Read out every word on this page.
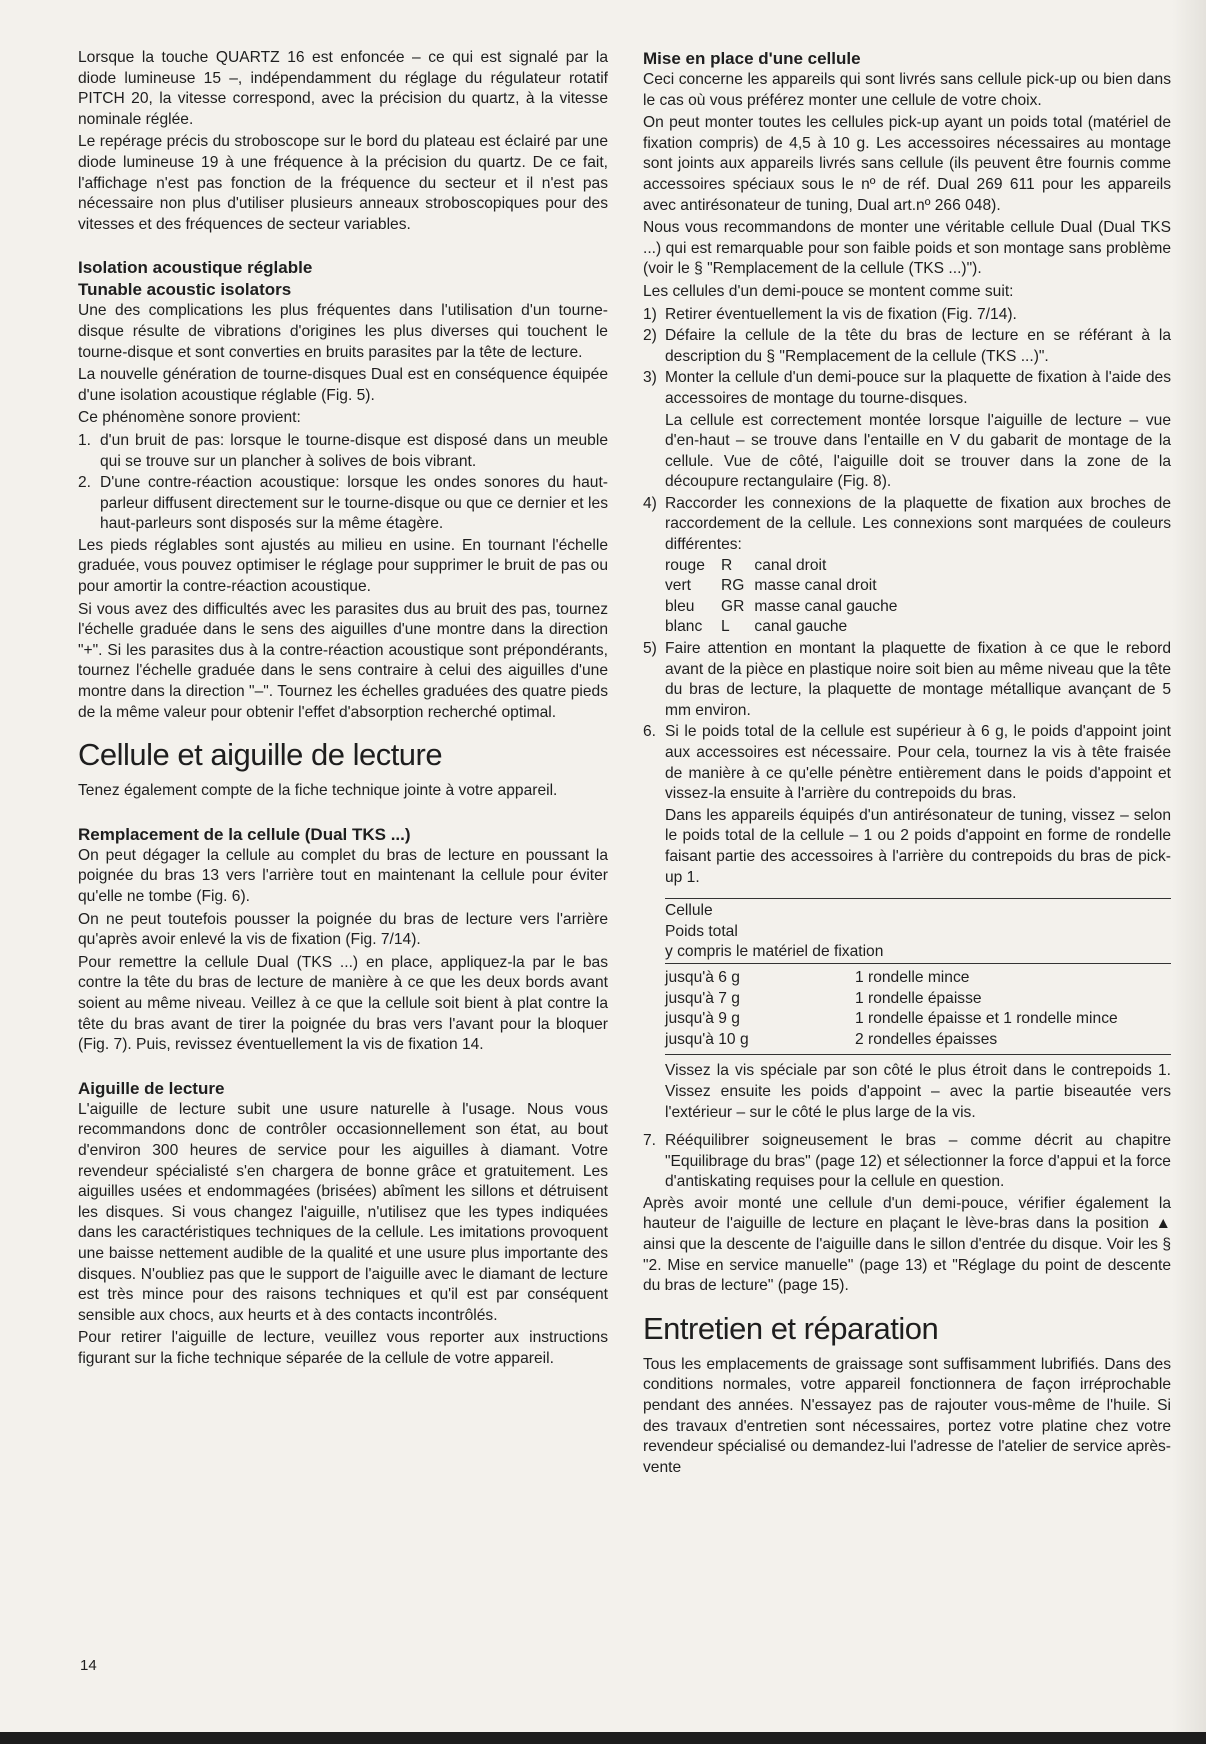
Lorsque la touche QUARTZ 16 est enfoncée – ce qui est signalé par la diode lumineuse 15 –, indépendamment du réglage du régulateur rotatif PITCH 20, la vitesse correspond, avec la précision du quartz, à la vitesse nominale réglée.

Le repérage précis du stroboscope sur le bord du plateau est éclairé par une diode lumineuse 19 à une fréquence à la précision du quartz. De ce fait, l'affichage n'est pas fonction de la fréquence du secteur et il n'est pas nécessaire non plus d'utiliser plusieurs anneaux stroboscopiques pour des vitesses et des fréquences de secteur variables.

Isolation acoustique réglable
Tunable acoustic isolators

Une des complications les plus fréquentes dans l'utilisation d'un tourne-disque résulte de vibrations d'origines les plus diverses qui touchent le tourne-disque et sont converties en bruits parasites par la tête de lecture.

La nouvelle génération de tourne-disques Dual est en conséquence équipée d'une isolation acoustique réglable (Fig. 5).

Ce phénomène sonore provient:

1. d'un bruit de pas: lorsque le tourne-disque est disposé dans un meuble qui se trouve sur un plancher à solives de bois vibrant.

2. D'une contre-réaction acoustique: lorsque les ondes sonores du haut-parleur diffusent directement sur le tourne-disque ou que ce dernier et les haut-parleurs sont disposés sur la même étagère.

Les pieds réglables sont ajustés au milieu en usine. En tournant l'échelle graduée, vous pouvez optimiser le réglage pour supprimer le bruit de pas ou pour amortir la contre-réaction acoustique.

Si vous avez des difficultés avec les parasites dus au bruit des pas, tournez l'échelle graduée dans le sens des aiguilles d'une montre dans la direction "+". Si les parasites dus à la contre-réaction acoustique sont prépondérants, tournez l'échelle graduée dans le sens contraire à celui des aiguilles d'une montre dans la direction "–". Tournez les échelles graduées des quatre pieds de la même valeur pour obtenir l'effet d'absorption recherché optimal.

Cellule et aiguille de lecture

Tenez également compte de la fiche technique jointe à votre appareil.

Remplacement de la cellule (Dual TKS ...)

On peut dégager la cellule au complet du bras de lecture en poussant la poignée du bras 13 vers l'arrière tout en maintenant la cellule pour éviter qu'elle ne tombe (Fig. 6).

On ne peut toutefois pousser la poignée du bras de lecture vers l'arrière qu'après avoir enlevé la vis de fixation (Fig. 7/14).

Pour remettre la cellule Dual (TKS ...) en place, appliquez-la par le bas contre la tête du bras de lecture de manière à ce que les deux bords avant soient au même niveau. Veillez à ce que la cellule soit bient à plat contre la tête du bras avant de tirer la poignée du bras vers l'avant pour la bloquer (Fig. 7). Puis, revissez éventuellement la vis de fixation 14.

Aiguille de lecture

L'aiguille de lecture subit une usure naturelle à l'usage. Nous vous recommandons donc de contrôler occasionnellement son état, au bout d'environ 300 heures de service pour les aiguilles à diamant. Votre revendeur spécialisté s'en chargera de bonne grâce et gratuitement. Les aiguilles usées et endommagées (brisées) abîment les sillons et détruisent les disques. Si vous changez l'aiguille, n'utilisez que les types indiquées dans les caractéristiques techniques de la cellule. Les imitations provoquent une baisse nettement audible de la qualité et une usure plus importante des disques. N'oubliez pas que le support de l'aiguille avec le diamant de lecture est très mince pour des raisons techniques et qu'il est par conséquent sensible aux chocs, aux heurts et à des contacts incontrôlés.

Pour retirer l'aiguille de lecture, veuillez vous reporter aux instructions figurant sur la fiche technique séparée de la cellule de votre appareil.

Mise en place d'une cellule

Ceci concerne les appareils qui sont livrés sans cellule pick-up ou bien dans le cas où vous préférez monter une cellule de votre choix.

On peut monter toutes les cellules pick-up ayant un poids total (matériel de fixation compris) de 4,5 à 10 g. Les accessoires nécessaires au montage sont joints aux appareils livrés sans cellule (ils peuvent être fournis comme accessoires spéciaux sous le nº de réf. Dual 269 611 pour les appareils avec antirésonateur de tuning, Dual art.nº 266 048).

Nous vous recommandons de monter une véritable cellule Dual (Dual TKS ...) qui est remarquable pour son faible poids et son montage sans problème (voir le § "Remplacement de la cellule (TKS ...)").

Les cellules d'un demi-pouce se montent comme suit:

1) Retirer éventuellement la vis de fixation (Fig. 7/14).

2) Défaire la cellule de la tête du bras de lecture en se référant à la description du § "Remplacement de la cellule (TKS ...)".

3) Monter la cellule d'un demi-pouce sur la plaquette de fixation à l'aide des accessoires de montage du tourne-disques.

La cellule est correctement montée lorsque l'aiguille de lecture – vue d'en-haut – se trouve dans l'entaille en V du gabarit de montage de la cellule. Vue de côté, l'aiguille doit se trouver dans la zone de la découpure rectangulaire (Fig. 8).

4) Raccorder les connexions de la plaquette de fixation aux broches de raccordement de la cellule. Les connexions sont marquées de couleurs différentes:

rouge	R	canal droit
vert	RG	masse canal droit
bleu	GR	masse canal gauche
blanc	L	canal gauche
5) Faire attention en montant la plaquette de fixation à ce que le rebord avant de la pièce en plastique noire soit bien au même niveau que la tête du bras de lecture, la plaquette de montage métallique avançant de 5 mm environ.

6. Si le poids total de la cellule est supérieur à 6 g, le poids d'appoint joint aux accessoires est nécessaire. Pour cela, tournez la vis à tête fraisée de manière à ce qu'elle pénètre entièrement dans le poids d'appoint et vissez-la ensuite à l'arrière du contrepoids du bras.

Dans les appareils équipés d'un antirésonateur de tuning, vissez – selon le poids total de la cellule – 1 ou 2 poids d'appoint en forme de rondelle faisant partie des accessoires à l'arrière du contrepoids du bras de pick-up 1.

Cellule
Poids total
y compris le matériel de fixation
jusqu'à 6 g	1 rondelle mince
jusqu'à 7 g	1 rondelle épaisse
jusqu'à 9 g	1 rondelle épaisse et 1 rondelle mince
jusqu'à 10 g	2 rondelles épaisses

Vissez la vis spéciale par son côté le plus étroit dans le contrepoids 1. Vissez ensuite les poids d'appoint – avec la partie biseautée vers l'extérieur – sur le côté le plus large de la vis.

7. Rééquilibrer soigneusement le bras – comme décrit au chapitre "Equilibrage du bras" (page 12) et sélectionner la force d'appui et la force d'antiskating requises pour la cellule en question.

Après avoir monté une cellule d'un demi-pouce, vérifier également la hauteur de l'aiguille de lecture en plaçant le lève-bras dans la position ▲ ainsi que la descente de l'aiguille dans le sillon d'entrée du disque. Voir les § "2. Mise en service manuelle" (page 13) et "Réglage du point de descente du bras de lecture" (page 15).

Entretien et réparation

Tous les emplacements de graissage sont suffisamment lubrifiés. Dans des conditions normales, votre appareil fonctionnera de façon irréprochable pendant des années. N'essayez pas de rajouter vous-même de l'huile. Si des travaux d'entretien sont nécessaires, portez votre platine chez votre revendeur spécialisé ou demandez-lui l'adresse de l'atelier de service après-vente

14
